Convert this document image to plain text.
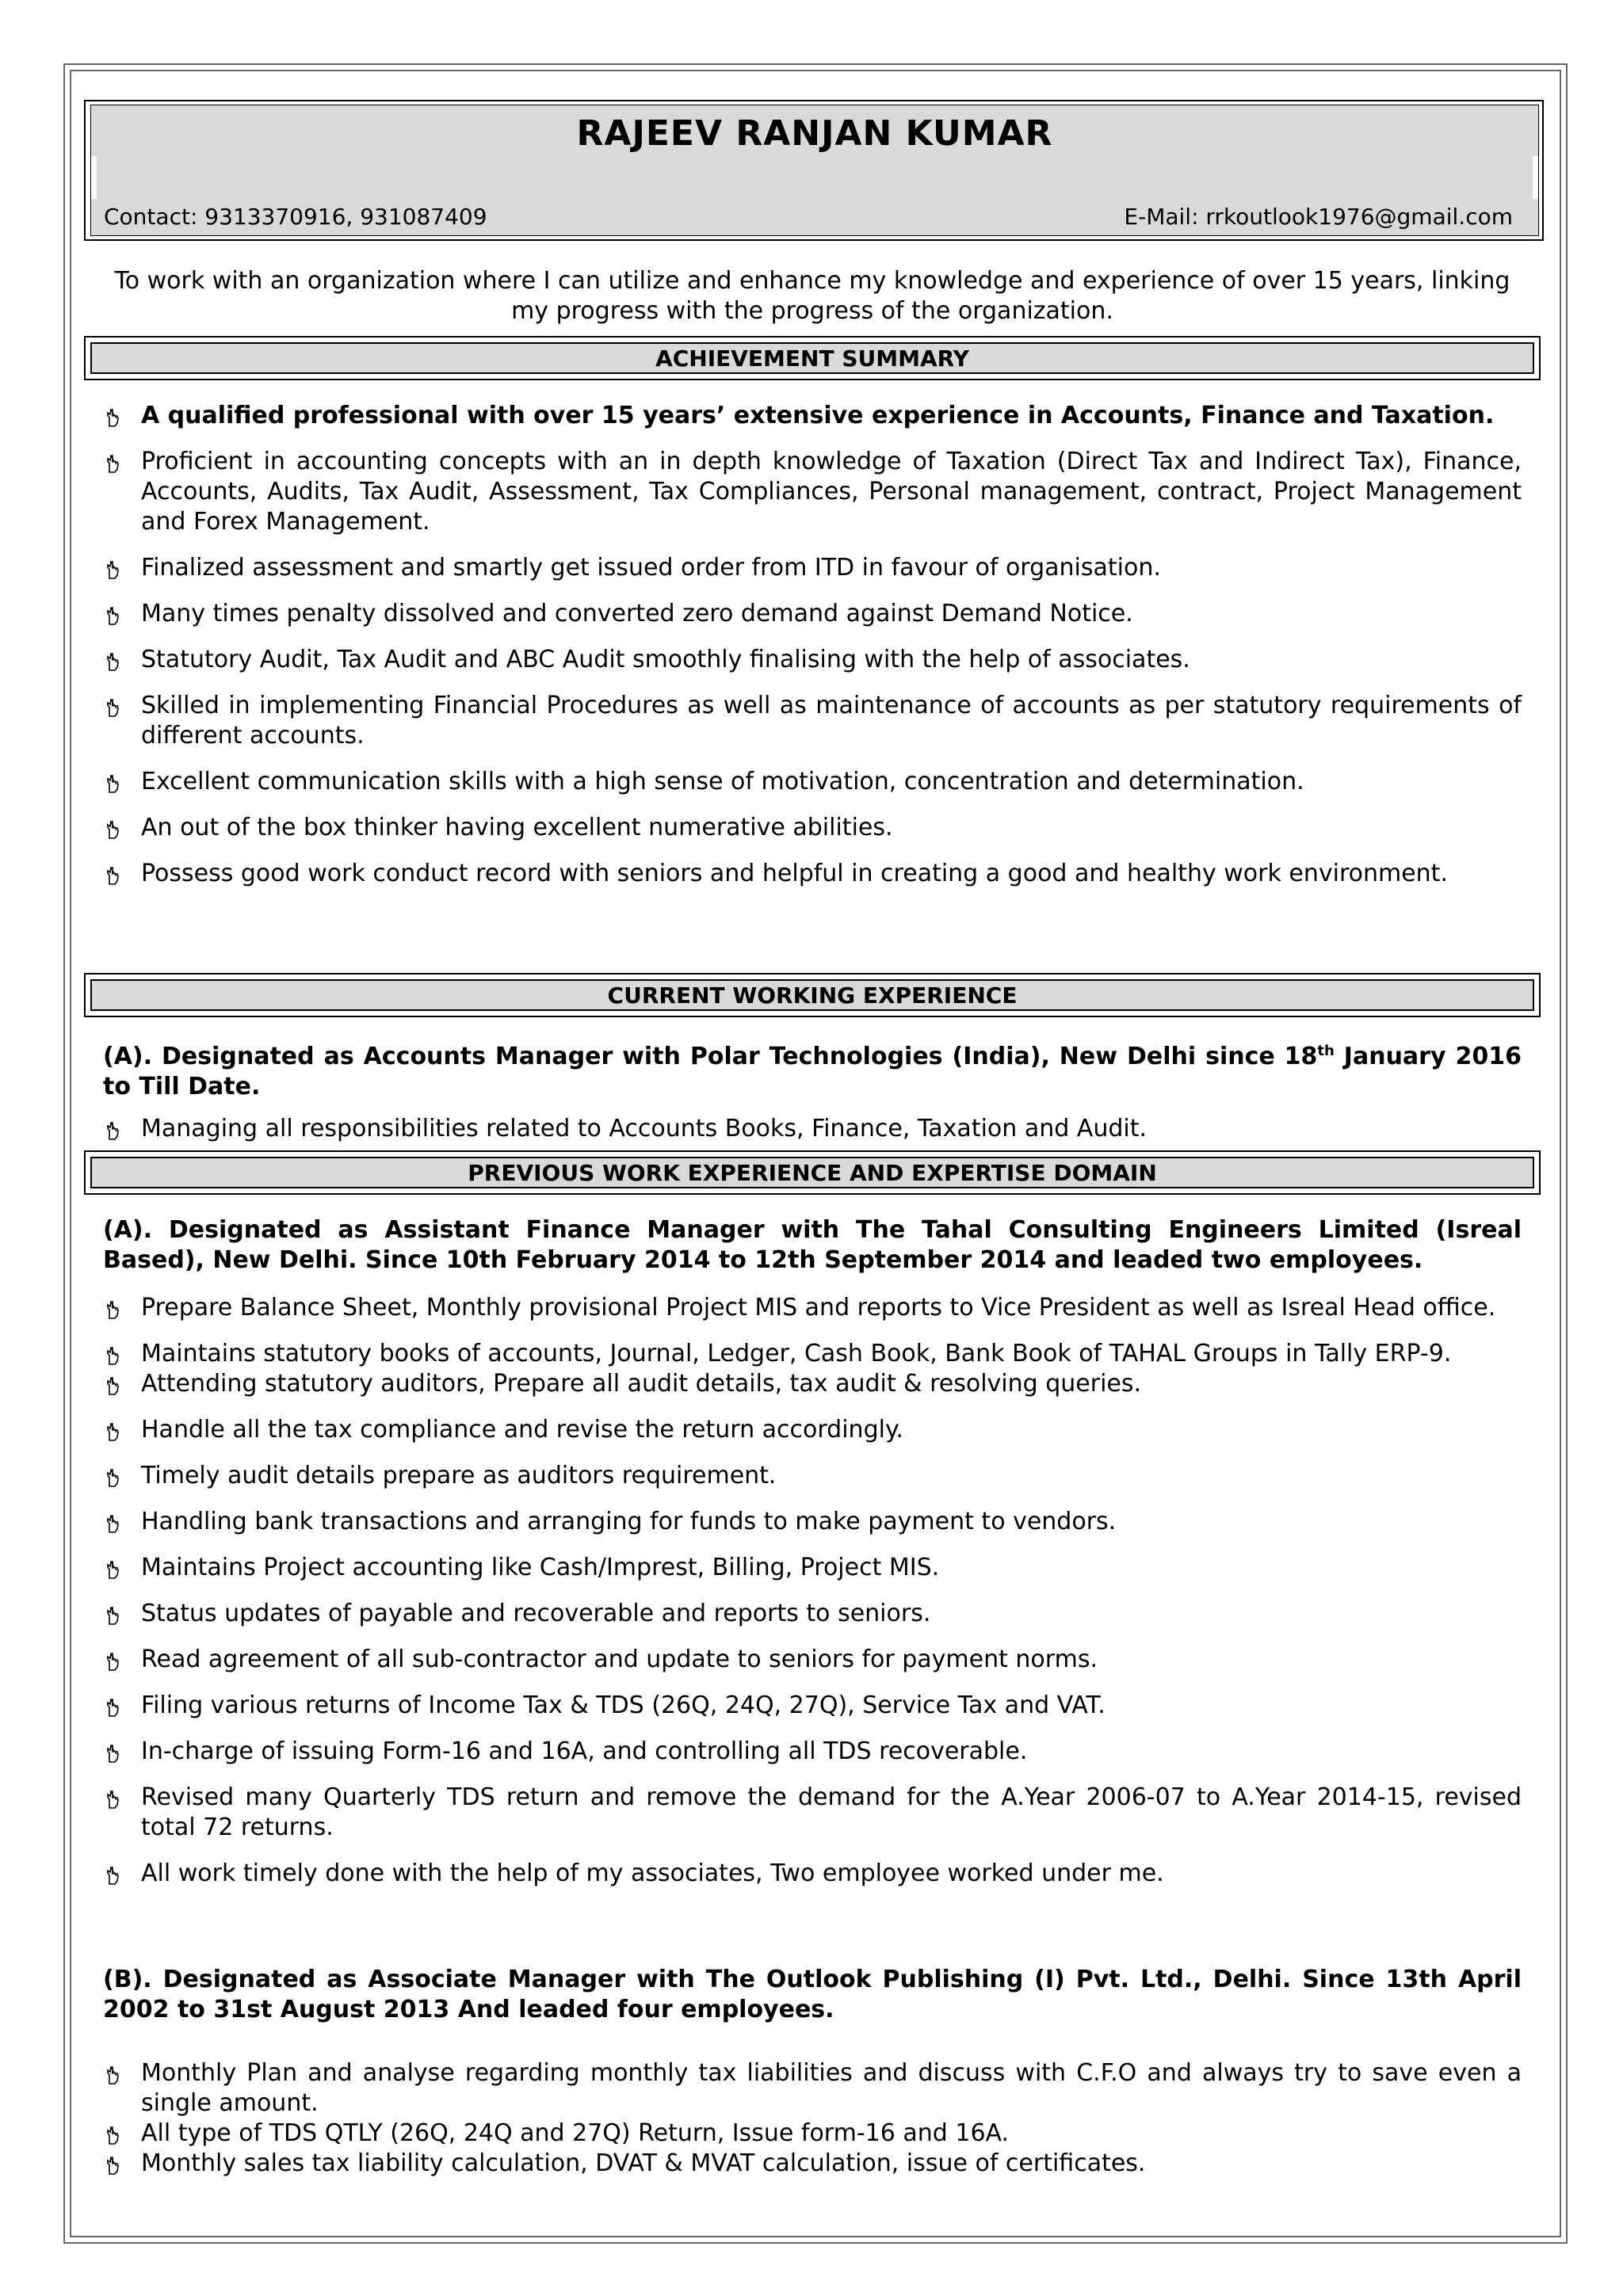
RAJEEV RANJAN KUMAR
Contact: 9313370916, 931087409	E-Mail: rrkoutlook1976@gmail.com
To work with an organization where I can utilize and enhance my knowledge and experience of over 15 years, linking my progress with the progress of the organization.
ACHIEVEMENT SUMMARY
A qualified professional with over 15 years’ extensive experience in Accounts, Finance and Taxation.
Proficient in accounting concepts with an in depth knowledge of Taxation (Direct Tax and Indirect Tax), Finance, Accounts, Audits, Tax Audit, Assessment, Tax Compliances, Personal management, contract, Project Management and Forex Management.
Finalized assessment and smartly get issued order from ITD in favour of organisation.
Many times penalty dissolved and converted zero demand against Demand Notice.
Statutory Audit, Tax Audit and ABC Audit smoothly finalising with the help of associates.
Skilled in implementing Financial Procedures as well as maintenance of accounts as per statutory requirements of different accounts.
Excellent communication skills with a high sense of motivation, concentration and determination.
An out of the box thinker having excellent numerative abilities.
Possess good work conduct record with seniors and helpful in creating a good and healthy work environment.
CURRENT WORKING EXPERIENCE
(A). Designated as Accounts Manager with Polar Technologies (India), New Delhi since 18th January 2016 to Till Date.
Managing all responsibilities related to Accounts Books, Finance, Taxation and Audit.
PREVIOUS WORK EXPERIENCE AND EXPERTISE DOMAIN
(A). Designated as Assistant Finance Manager with The Tahal Consulting Engineers Limited (Isreal Based), New Delhi. Since 10th February 2014 to 12th September 2014 and leaded two employees.
Prepare Balance Sheet, Monthly provisional Project MIS and reports to Vice President as well as Isreal Head office.
Maintains statutory books of accounts, Journal, Ledger, Cash Book, Bank Book of TAHAL Groups in Tally ERP-9.
Attending statutory auditors, Prepare all audit details, tax audit & resolving queries.
Handle all the tax compliance and revise the return accordingly.
Timely audit details prepare as auditors requirement.
Handling bank transactions and arranging for funds to make payment to vendors.
Maintains Project accounting like Cash/Imprest, Billing, Project MIS.
Status updates of payable and recoverable and reports to seniors.
Read agreement of all sub-contractor and update to seniors for payment norms.
Filing various returns of Income Tax & TDS (26Q, 24Q, 27Q), Service Tax and VAT.
In-charge of issuing Form-16 and 16A, and controlling all TDS recoverable.
Revised many Quarterly TDS return and remove the demand for the A.Year 2006-07 to A.Year 2014-15, revised total 72 returns.
All work timely done with the help of my associates, Two employee worked under me.
(B). Designated as Associate Manager with The Outlook Publishing (I) Pvt. Ltd., Delhi. Since 13th April 2002 to 31st August 2013 And leaded four employees.
Monthly Plan and analyse regarding monthly tax liabilities and discuss with C.F.O and always try to save even a single amount.
All type of TDS QTLY (26Q, 24Q and 27Q) Return, Issue form-16 and 16A.
Monthly sales tax liability calculation, DVAT & MVAT calculation, issue of certificates.
